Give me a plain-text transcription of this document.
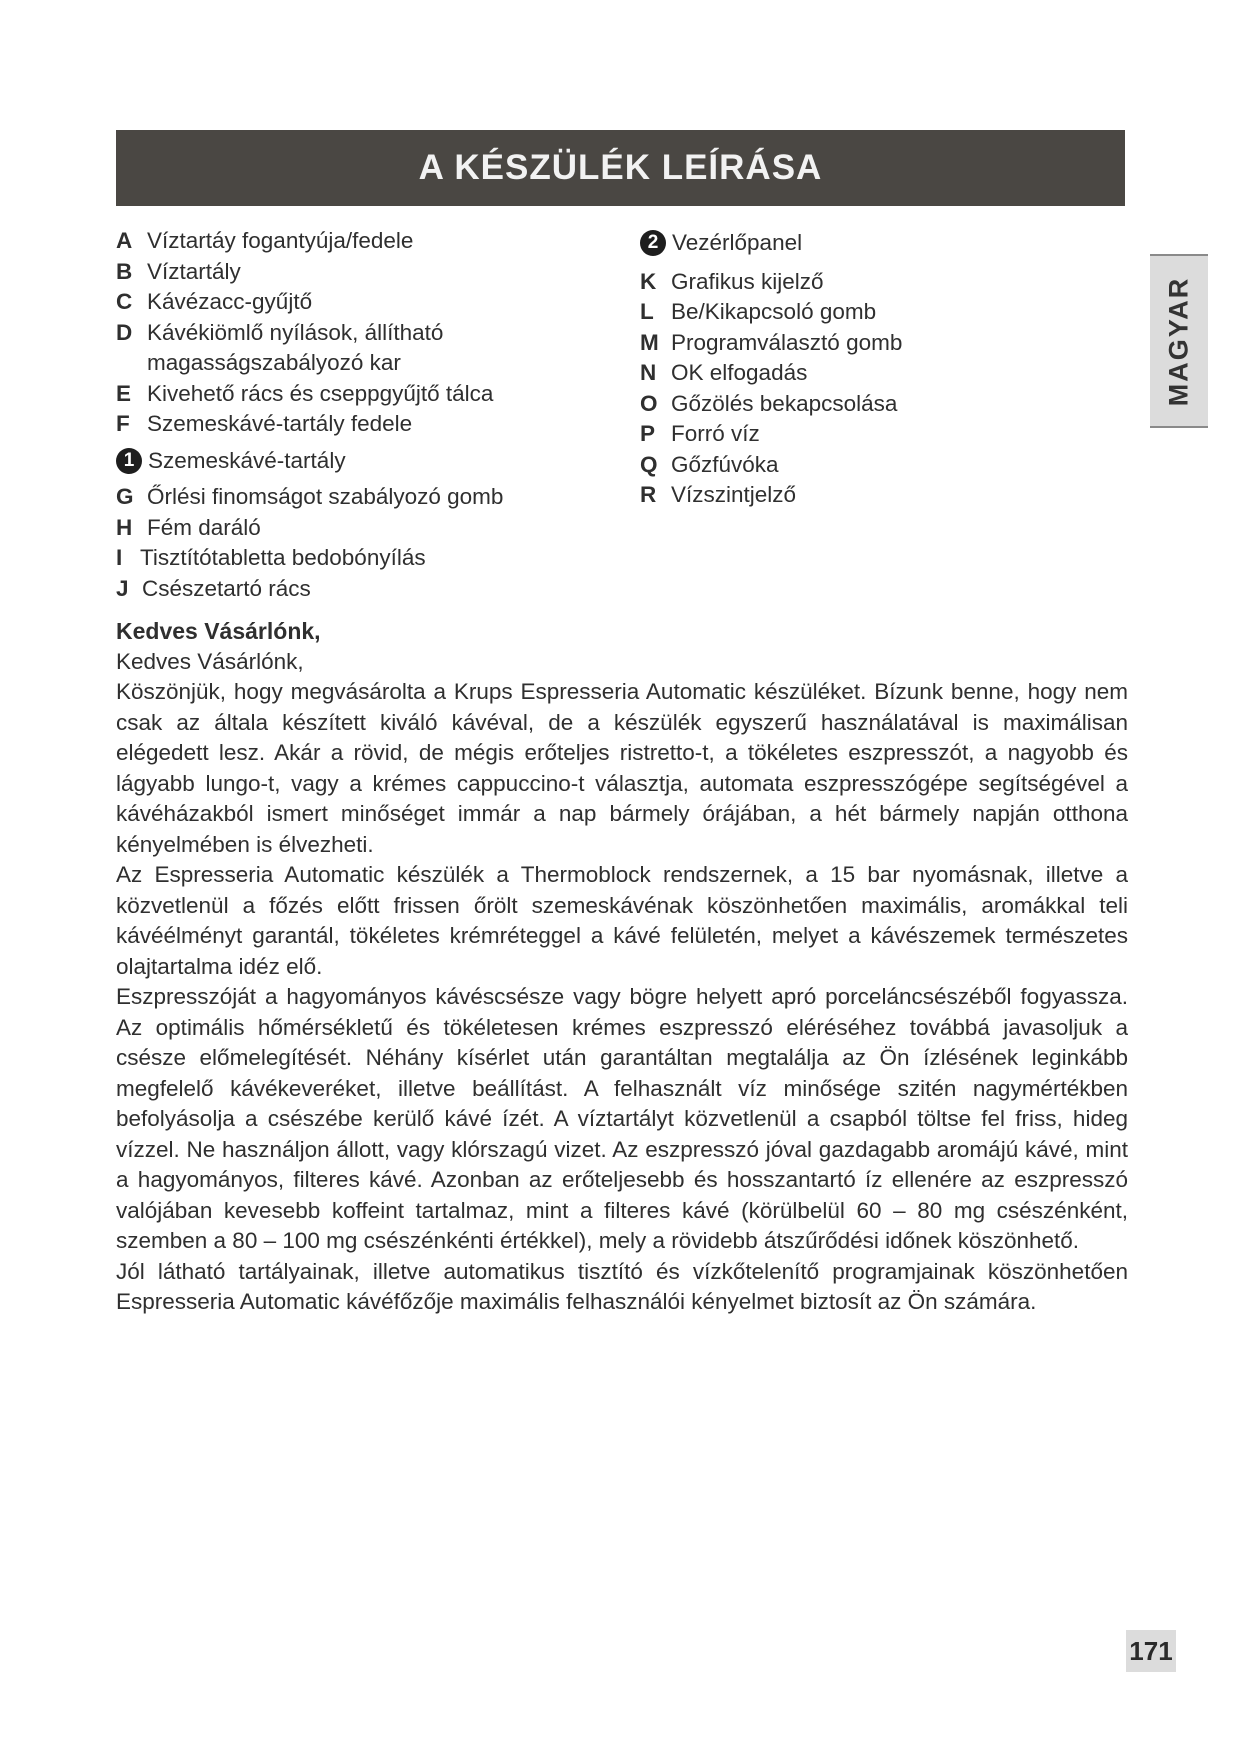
A KÉSZÜLÉK LEÍRÁSA
MAGYAR
A Víztartáy fogantyúja/fedele
B Víztartály
C Kávézacc-gyűjtő
D Kávékiömlő nyílások, állítható
magasságszabályozó kar
E Kivehető rács és cseppgyűjtő tálca
F Szemeskávé-tartály fedele
1 Szemeskávé-tartály
G Őrlési finomságot szabályozó gomb
H Fém daráló
I Tisztítótabletta bedobónyílás
J Csészetartó rács
2 Vezérlőpanel
K Grafikus kijelző
L Be/Kikapcsoló gomb
M Programválasztó gomb
N OK elfogadás
O Gőzölés bekapcsolása
P Forró víz
Q Gőzfúvóka
R Vízszintjelző
Kedves Vásárlónk,
Kedves Vásárlónk,

Köszönjük, hogy megvásárolta a Krups Espresseria Automatic készüléket. Bízunk benne, hogy nem csak az általa készített kiváló kávéval, de a készülék egyszerű használatával is maximálisan elégedett lesz. Akár a rövid, de mégis erőteljes ristretto-t, a tökéletes eszpresszót, a nagyobb és lágyabb lungo-t, vagy a krémes cappuccino-t választja, automata eszpresszógépe segítségével a kávéházakból ismert minőséget immár a nap bármely órájában, a hét bármely napján otthona kényelmében is élvezheti.

Az Espresseria Automatic készülék a Thermoblock rendszernek, a 15 bar nyomásnak, illetve a közvetlenül a főzés előtt frissen őrölt szemeskávénak köszönhetően maximális, aromákkal teli kávéélményt garantál, tökéletes krémréteggel a kávé felületén, melyet a kávészemek természetes olajtartalma idéz elő.

Eszpresszóját a hagyományos kávéscsésze vagy bögre helyett apró porceláncsészéből fogyassza. Az optimális hőmérsékletű és tökéletesen krémes eszpresszó eléréséhez továbbá javasoljuk a csésze előmelegítését. Néhány kísérlet után garantáltan megtalálja az Ön ízlésének leginkább megfelelő kávékeveréket, illetve beállítást. A felhasznált víz minősége szitén nagymértékben befolyásolja a csészébe kerülő kávé ízét. A víztartályt közvetlenül a csapból töltse fel friss, hideg vízzel. Ne használjon állott, vagy klórszagú vizet. Az eszpresszó jóval gazdagabb aromájú kávé, mint a hagyományos, filteres kávé. Azonban az erőteljesebb és hosszantartó íz ellenére az eszpresszó valójában kevesebb koffeint tartalmaz, mint a filteres kávé (körülbelül 60 – 80 mg csészénként, szemben a 80 – 100 mg csészénkénti értékkel), mely a rövidebb átszűrődési időnek köszönhető.

Jól látható tartályainak, illetve automatikus tisztító és vízkőtelenítő programjainak köszönhetően Espresseria Automatic kávéfőzője maximális felhasználói kényelmet biztosít az Ön számára.

171
